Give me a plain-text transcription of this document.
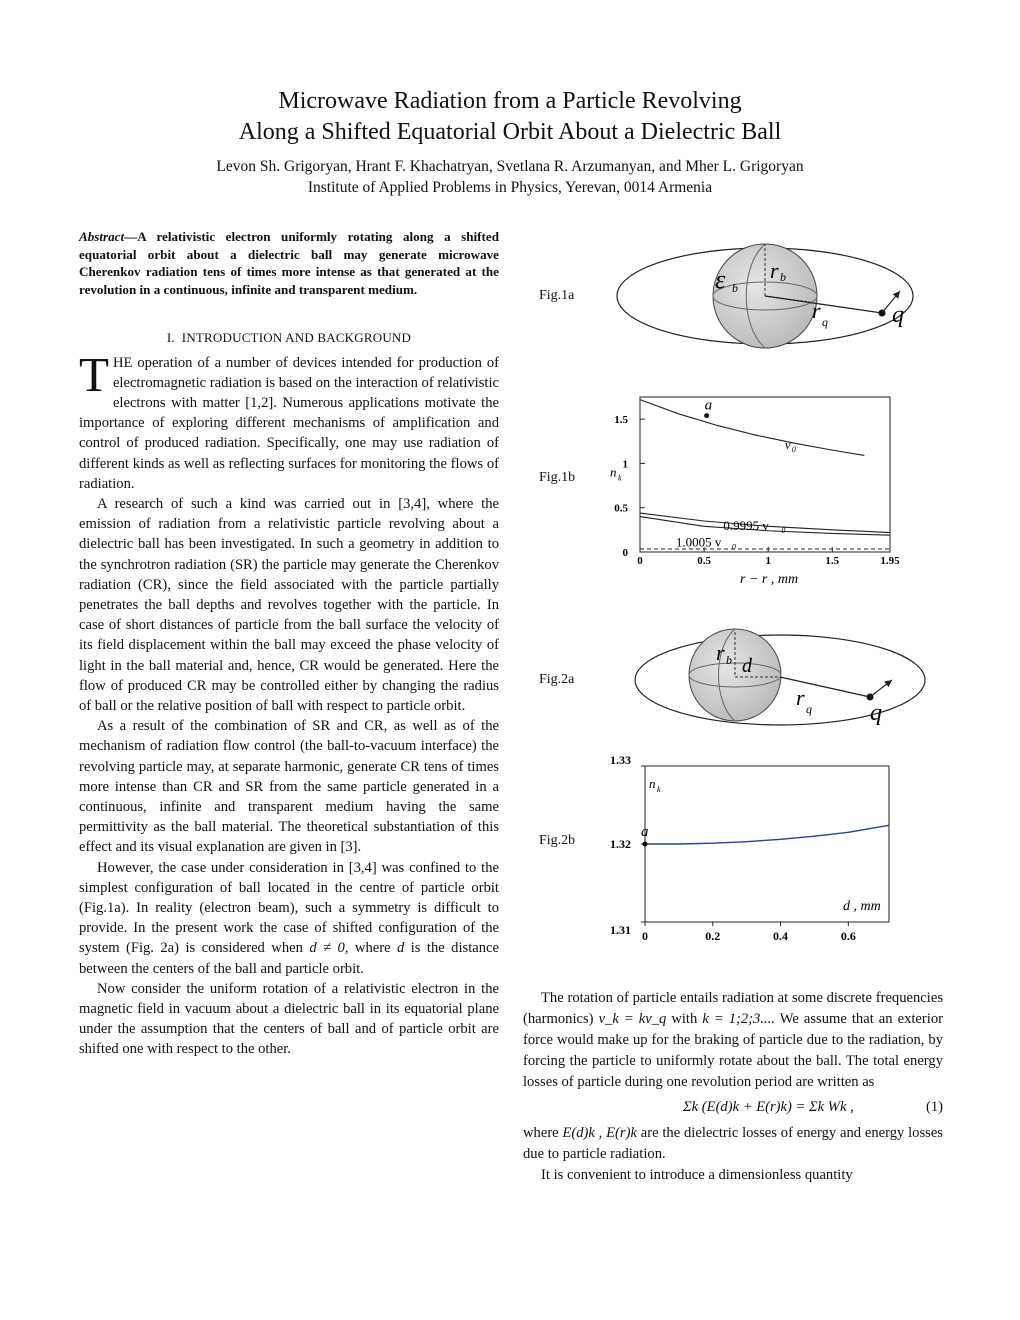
Microwave Radiation from a Particle Revolving
Along a Shifted Equatorial Orbit About a Dielectric Ball
Levon Sh. Grigoryan, Hrant F. Khachatryan, Svetlana R. Arzumanyan, and Mher L. Grigoryan
Institute of Applied Problems in Physics, Yerevan, 0014 Armenia

Abstract—A relativistic electron uniformly rotating along a shifted equatorial orbit about a dielectric ball may generate microwave Cherenkov radiation tens of times more intense as that generated at the revolution in a continuous, infinite and transparent medium.

I. INTRODUCTION AND BACKGROUND

THE operation of a number of devices intended for production of electromagnetic radiation is based on the interaction of relativistic electrons with matter [1,2]. Numerous applications motivate the importance of exploring different mechanisms of amplification and control of produced radiation. Specifically, one may use radiation of different kinds as well as reflecting surfaces for monitoring the flows of radiation.

A research of such a kind was carried out in [3,4], where the emission of radiation from a relativistic particle revolving about a dielectric ball has been investigated. In such a geometry in addition to the synchrotron radiation (SR) the particle may generate the Cherenkov radiation (CR), since the field associated with the particle partially penetrates the ball depths and revolves together with the particle. In case of short distances of particle from the ball surface the velocity of its field displacement within the ball may exceed the phase velocity of light in the ball material and, hence, CR would be generated. Here the flow of produced CR may be controlled either by changing the radius of ball or the relative position of ball with respect to particle orbit.

As a result of the combination of SR and CR, as well as of the mechanism of radiation flow control (the ball-to-vacuum interface) the revolving particle may, at separate harmonic, generate CR tens of times more intense than CR and SR from the same particle generated in a continuous, infinite and transparent medium having the same permittivity as the ball material. The theoretical substantiation of this effect and its visual explanation are given in [3].

However, the case under consideration in [3,4] was confined to the simplest configuration of ball located in the centre of particle orbit (Fig.1a). In reality (electron beam), such a symmetry is difficult to provide. In the present work the case of shifted configuration of the system (Fig. 2a) is considered when d ≠ 0, where d is the distance between the centers of the ball and particle orbit.

Now consider the uniform rotation of a relativistic electron in the magnetic field in vacuum about a dielectric ball in its equatorial plane under the assumption that the centers of ball and of particle orbit are shifted one with respect to the other.

Fig.1a
ε b
r b
r q	q
Fig.1b
0
0.5
1
1.5
0	0.5	1	1.5	1.95
a
v 0
0.9995 v 0
1.0005 v 0
n k
r − r , mm
Fig.2a
r b d
r q q
Fig.2b
1.31
1.32
1.33
0	0.2	0.4	0.6
a
n k
d , mm

The rotation of particle entails radiation at some discrete frequencies (harmonics) ν_k = kν_q with k = 1;2;3.... We assume that an exterior force would make up for the braking of particle due to the radiation, by forcing the particle to uniformly rotate about the ball. The total energy losses of particle during one revolution period are written as

Σk (E(d)k + E(r)k) = Σk Wk ,	(1)

where E(d)k , E(r)k are the dielectric losses of energy and energy losses due to particle radiation.

It is convenient to introduce a dimensionless quantity
